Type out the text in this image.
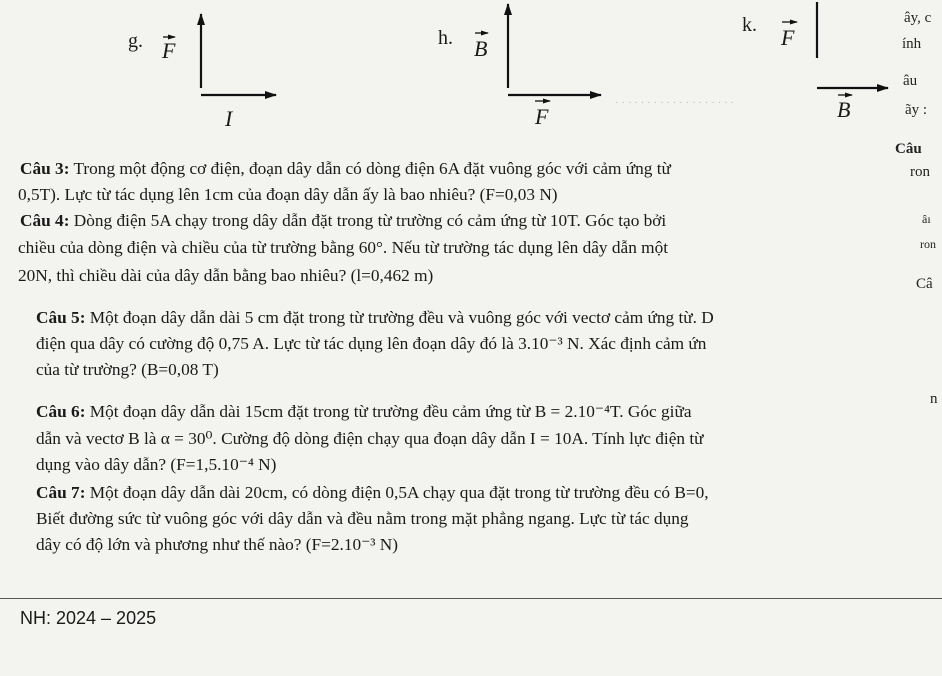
g. F
I
h. B
F
k. F
B
· · · · · · · · · · · · · · · · · · ·
ây, c
ính
âu
ãy :
Câu
ron
âı
ron
Câ
n
Câu 3: Trong một động cơ điện, đoạn dây dẫn có dòng điện 6A đặt vuông góc với cảm ứng từ
0,5T). Lực từ tác dụng lên 1cm của đoạn dây dẫn ấy là bao nhiêu? (F=0,03 N)
Câu 4: Dòng điện 5A chạy trong dây dẫn đặt trong từ trường có cảm ứng từ 10T. Góc tạo bởi
chiều của dòng điện và chiều của từ trường bằng 60°. Nếu từ trường tác dụng lên dây dẫn một
20N, thì chiều dài của dây dẫn bằng bao nhiêu? (l=0,462 m)
Câu 5: Một đoạn dây dẫn dài 5 cm đặt trong từ trường đều và vuông góc với vectơ cảm ứng từ. D
điện qua dây có cường độ 0,75 A. Lực từ tác dụng lên đoạn dây đó là 3.10⁻³ N. Xác định cảm ứn
của từ trường? (B=0,08 T)
Câu 6: Một đoạn dây dẫn dài 15cm đặt trong từ trường đều cảm ứng từ B = 2.10⁻⁴T. Góc giữa
dẫn và vectơ B là α = 30⁰. Cường độ dòng điện chạy qua đoạn dây dẫn I = 10A. Tính lực điện từ
dụng vào dây dẫn? (F=1,5.10⁻⁴ N)
Câu 7: Một đoạn dây dẫn dài 20cm, có dòng điện 0,5A chạy qua đặt trong từ trường đều có B=0,
Biết đường sức từ vuông góc với dây dẫn và đều nằm trong mặt phẳng ngang. Lực từ tác dụng
dây có độ lớn và phương như thế nào? (F=2.10⁻³ N)
NH: 2024 – 2025
